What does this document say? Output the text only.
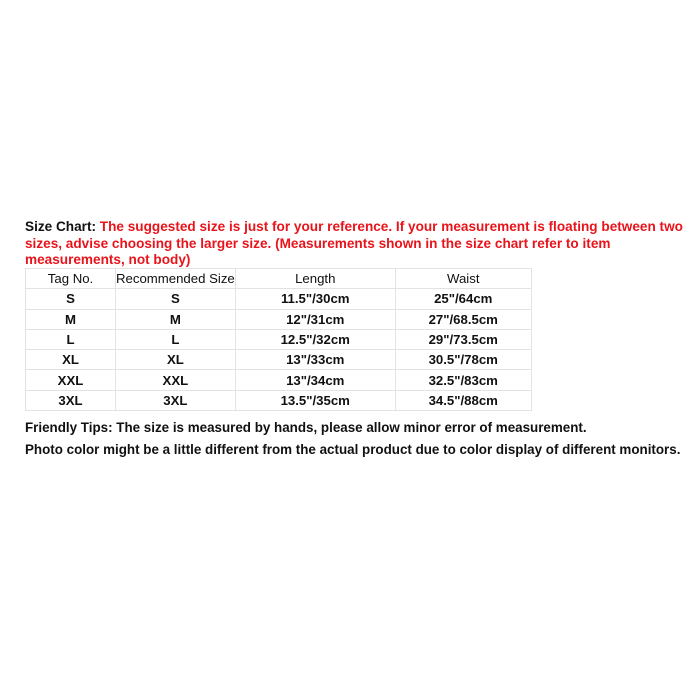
Size Chart: The suggested size is just for your reference. If your measurement is floating between two sizes, advise choosing the larger size. (Measurements shown in the size chart refer to item measurements, not body)
Tag No.	Recommended Size	Length	Waist
S	S	11.5"/30cm	25"/64cm
M	M	12"/31cm	27"/68.5cm
L	L	12.5"/32cm	29"/73.5cm
XL	XL	13"/33cm	30.5"/78cm
XXL	XXL	13"/34cm	32.5"/83cm
3XL	3XL	13.5"/35cm	34.5"/88cm

Friendly Tips: The size is measured by hands, please allow minor error of measurement.

Photo color might be a little different from the actual product due to color display of different monitors.
